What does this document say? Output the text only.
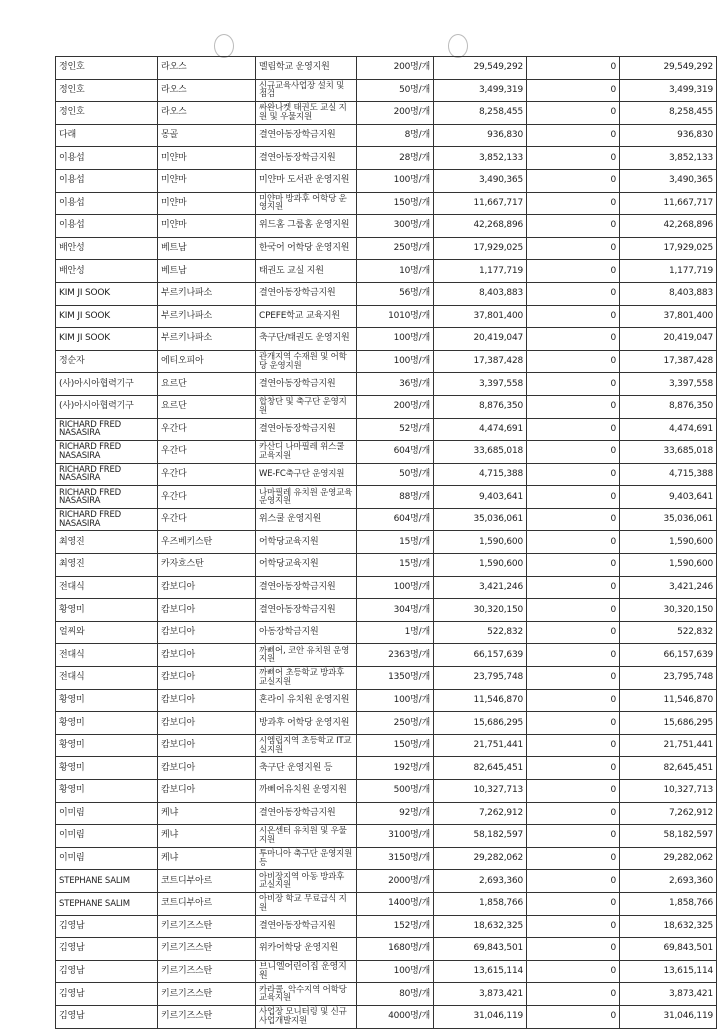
정인호	라오스	멜림학교 운영지원	200명/개	29,549,292	0	29,549,292
정인호	라오스	신규교육사업장 설치 및 점검	50명/개	3,499,319	0	3,499,319
정인호	라오스	싸완나켓 태권도 교실 지원 및 우물지원	200명/개	8,258,455	0	8,258,455
다래	몽골	결연아동장학금지원	8명/개	936,830	0	936,830
이용섭	미얀마	결연아동장학금지원	28명/개	3,852,133	0	3,852,133
이용섭	미얀마	미얀마 도서관 운영지원	100명/개	3,490,365	0	3,490,365
이용섭	미얀마	미얀마 방과후 어학당 운영지원	150명/개	11,667,717	0	11,667,717
이용섭	미얀마	위드홈 그룹홈 운영지원	300명/개	42,268,896	0	42,268,896
배안성	베트남	한국어 어학당 운영지원	250명/개	17,929,025	0	17,929,025
배안성	베트남	태권도 교실 지원	10명/개	1,177,719	0	1,177,719
KIM JI SOOK	부르키나파소	결연아동장학금지원	56명/개	8,403,883	0	8,403,883
KIM JI SOOK	부르키나파소	CPEFE학교 교육지원	1010명/개	37,801,400	0	37,801,400
KIM JI SOOK	부르키나파소	축구단/태권도 운영지원	100명/개	20,419,047	0	20,419,047
정순자	에티오피아	관개지역 수재원 및 어학당 운영지원	100명/개	17,387,428	0	17,387,428
(사)아시아협력기구	요르단	결연아동장학금지원	36명/개	3,397,558	0	3,397,558
(사)아시아협력기구	요르단	합창단 및 축구단 운영지원	200명/개	8,876,350	0	8,876,350
RICHARD FRED NASASIRA	우간다	결연아동장학금지원	52명/개	4,474,691	0	4,474,691
RICHARD FRED NASASIRA	우간다	카산디 나마필레 위스쿨 교육지원	604명/개	33,685,018	0	33,685,018
RICHARD FRED NASASIRA	우간다	WE-FC축구단 운영지원	50명/개	4,715,388	0	4,715,388
RICHARD FRED NASASIRA	우간다	나마필레 유치원 운영교육 운영지원	88명/개	9,403,641	0	9,403,641
RICHARD FRED NASASIRA	우간다	위스쿨 운영지원	604명/개	35,036,061	0	35,036,061
최영진	우즈베키스탄	어학당교육지원	15명/개	1,590,600	0	1,590,600
최영진	카자흐스탄	어학당교육지원	15명/개	1,590,600	0	1,590,600
전대식	캄보디아	결연아동장학금지원	100명/개	3,421,246	0	3,421,246
황영미	캄보디아	결연아동장학금지원	304명/개	30,320,150	0	30,320,150
얼찌와	캄보디아	아동장학금지원	1명/개	522,832	0	522,832
전대식	캄보디아	까삐어, 코안 유치원 운영지원	2363명/개	66,157,639	0	66,157,639
전대식	캄보디아	까삐어 초등학교 방과후 교실지원	1350명/개	23,795,748	0	23,795,748
황영미	캄보디아	혼라이 유치원 운영지원	100명/개	11,546,870	0	11,546,870
황영미	캄보디아	방과후 어학당 운영지원	250명/개	15,686,295	0	15,686,295
황영미	캄보디아	시엠립지역 초등학교 IT교실지원	150명/개	21,751,441	0	21,751,441
황영미	캄보디아	축구단 운영지원 등	192명/개	82,645,451	0	82,645,451
황영미	캄보디아	까삐어유치원 운영지원	500명/개	10,327,713	0	10,327,713
이미림	케냐	결연아동장학금지원	92명/개	7,262,912	0	7,262,912
이미림	케냐	시온센터 유치원 및 우물지원	3100명/개	58,182,597	0	58,182,597
이미림	케냐	투마니아 축구단 운영지원 등	3150명/개	29,282,062	0	29,282,062
STEPHANE SALIM	코트디부아르	아비장지역 아동 방과후 교실지원	2000명/개	2,693,360	0	2,693,360
STEPHANE SALIM	코트디부아르	아비장 학교 무료급식 지원	1400명/개	1,858,766	0	1,858,766
김영남	키르기즈스탄	결연아동장학금지원	152명/개	18,632,325	0	18,632,325
김영남	키르기즈스탄	위카어학당 운영지원	1680명/개	69,843,501	0	69,843,501
김영남	키르기즈스탄	브니엘어린이집 운영지원	100명/개	13,615,114	0	13,615,114
김영남	키르기즈스탄	카라콜, 악수지역 어학당 교육지원	80명/개	3,873,421	0	3,873,421
김영남	키르기즈스탄	사업장 모니터링 및 신규사업개발지원	4000명/개	31,046,119	0	31,046,119
